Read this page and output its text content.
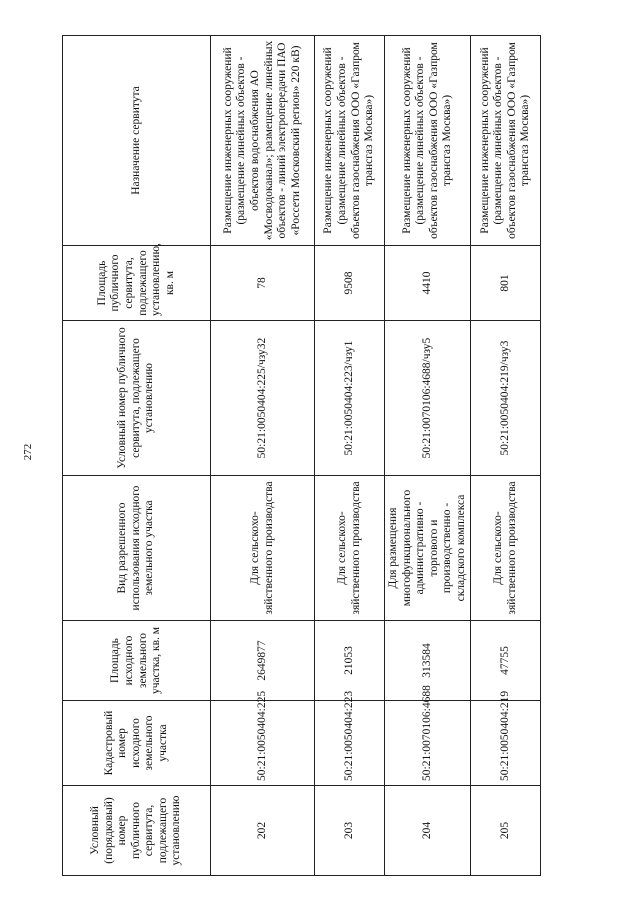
272
Условный (порядковый) номер публичного сервитута, подлежащего установлению	Кадастровый номер исходного земельного участка	Площадь исходного земельного участка, кв. м	Вид разрешенного использования исходного земельного участка	Условный номер публичного сервитута, подлежащего установлению	Площадь публичного сервитута, подлежащего установлению, кв. м	Назначение сервитута
202	50:21:0050404:225	2649877	Для сельскохо-зяйственного производства	50:21:0050404:225/чзу32	78	Размещение инженерных сооружений (размещение линейных объектов - объектов водоснабжения АО «Мосводоканал»; размещение линейных объектов - линий электропередачи ПАО «Россети Московский регион» 220 кВ)
203	50:21:0050404:223	21053	Для сельскохо-зяйственного производства	50:21:0050404:223/чзу1	9508	Размещение инженерных сооружений (размещение линейных объектов - объектов газоснабжения ООО «Газпром трансгаз Москва»)
204	50:21:0070106:4688	313584	Для размещения многофункционального административно - торгового и производственно - складского комплекса	50:21:0070106:4688/чзу5	4410	Размещение инженерных сооружений (размещение линейных объектов - объектов газоснабжения ООО «Газпром трансгаз Москва»)
205	50:21:0050404:219	47755	Для сельскохо-зяйственного производства	50:21:0050404:219/чзу3	801	Размещение инженерных сооружений (размещение линейных объектов - объектов газоснабжения ООО «Газпром трансгаз Москва»)
